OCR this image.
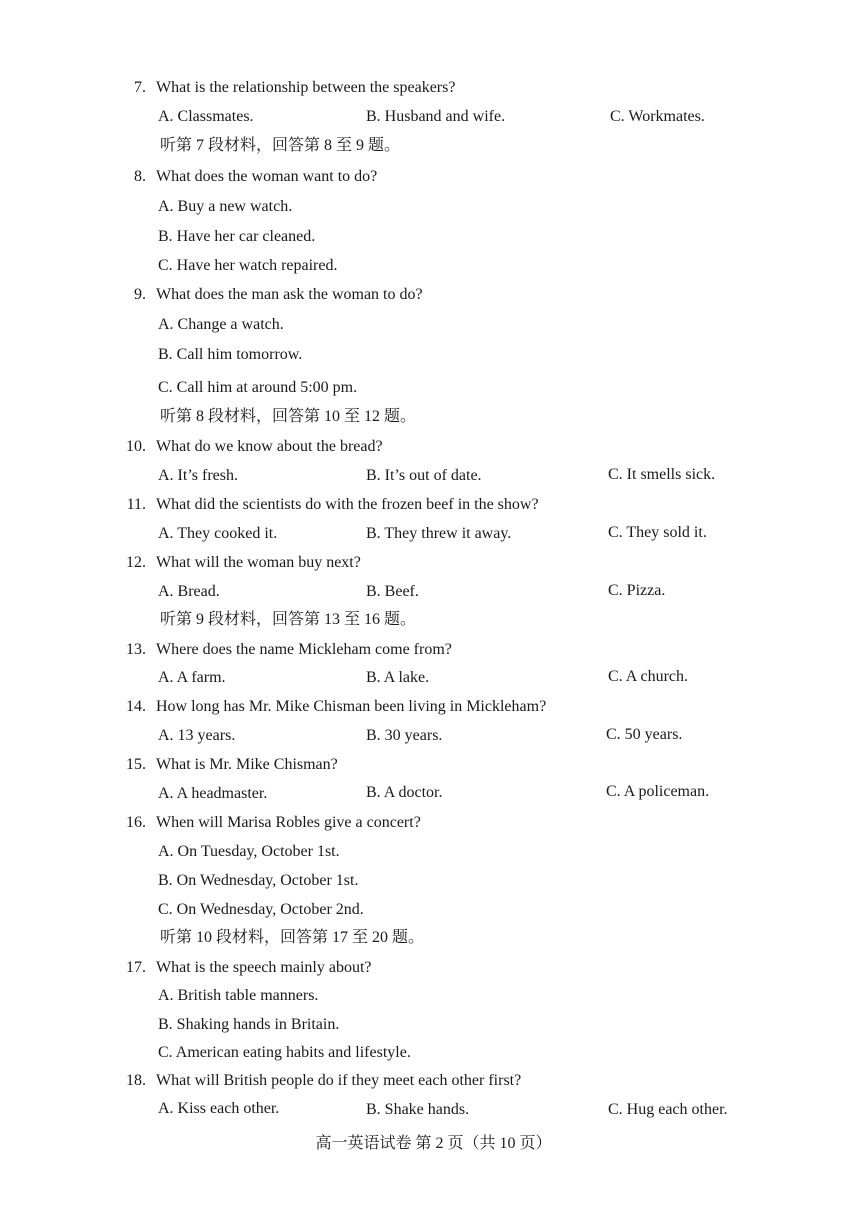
7. What is the relationship between the speakers?
A. Classmates.	B. Husband and wife.	C. Workmates.
听第 7 段材料，回答第 8 至 9 题。
8. What does the woman want to do?
A. Buy a new watch.
B. Have her car cleaned.
C. Have her watch repaired.
9. What does the man ask the woman to do?
A. Change a watch.
B. Call him tomorrow.
C. Call him at around 5:00 pm.
听第 8 段材料，回答第 10 至 12 题。
10. What do we know about the bread?
A. It’s fresh.	B. It’s out of date.	C. It smells sick.
11. What did the scientists do with the frozen beef in the show?
A. They cooked it.	B. They threw it away.	C. They sold it.
12. What will the woman buy next?
A. Bread.	B. Beef.	C. Pizza.
听第 9 段材料，回答第 13 至 16 题。
13. Where does the name Mickleham come from?
A. A farm.	B. A lake.	C. A church.
14. How long has Mr. Mike Chisman been living in Mickleham?
A. 13 years.	B. 30 years.	C. 50 years.
15. What is Mr. Mike Chisman?
A. A headmaster.	B. A doctor.	C. A policeman.
16. When will Marisa Robles give a concert?
A. On Tuesday, October 1st.
B. On Wednesday, October 1st.
C. On Wednesday, October 2nd.
听第 10 段材料，回答第 17 至 20 题。
17. What is the speech mainly about?
A. British table manners.
B. Shaking hands in Britain.
C. American eating habits and lifestyle.
18. What will British people do if they meet each other first?
A. Kiss each other.	B. Shake hands.	C. Hug each other.
高一英语试卷 第 2 页（共 10 页）
